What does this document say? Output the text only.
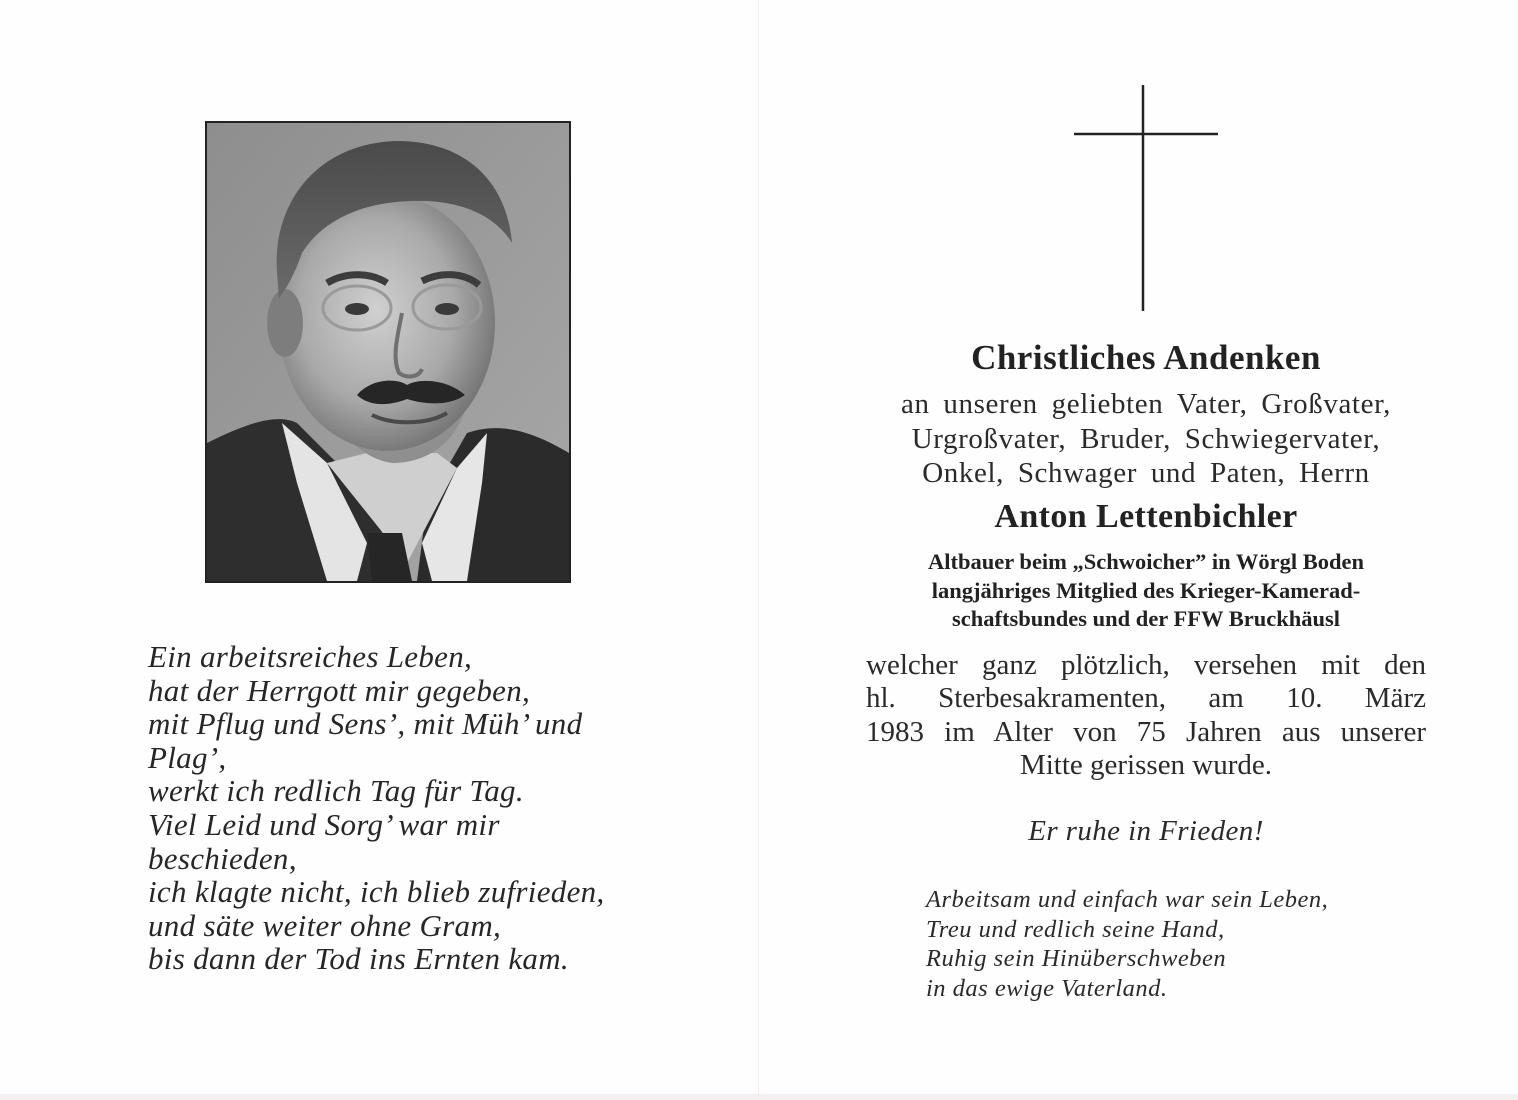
Ein arbeitsreiches Leben,
hat der Herrgott mir gegeben,
mit Pflug und Sens’, mit Müh’ und
Plag’,
werkt ich redlich Tag für Tag.
Viel Leid und Sorg’ war mir
beschieden,
ich klagte nicht, ich blieb zufrieden,
und säte weiter ohne Gram,
bis dann der Tod ins Ernten kam.
Christliches Andenken
an unseren geliebten Vater, Großvater,
Urgroßvater, Bruder, Schwiegervater,
Onkel, Schwager und Paten, Herrn
Anton Lettenbichler
Altbauer beim „Schwoicher” in Wörgl Boden
langjähriges Mitglied des Krieger-Kamerad-
schaftsbundes und der FFW Bruckhäusl
welcher ganz plötzlich, versehen mit den
hl. Sterbesakramenten, am 10. März
1983 im Alter von 75 Jahren aus unserer
Mitte gerissen wurde.
Er ruhe in Frieden!
Arbeitsam und einfach war sein Leben,
Treu und redlich seine Hand,
Ruhig sein Hinüberschweben
in das ewige Vaterland.
